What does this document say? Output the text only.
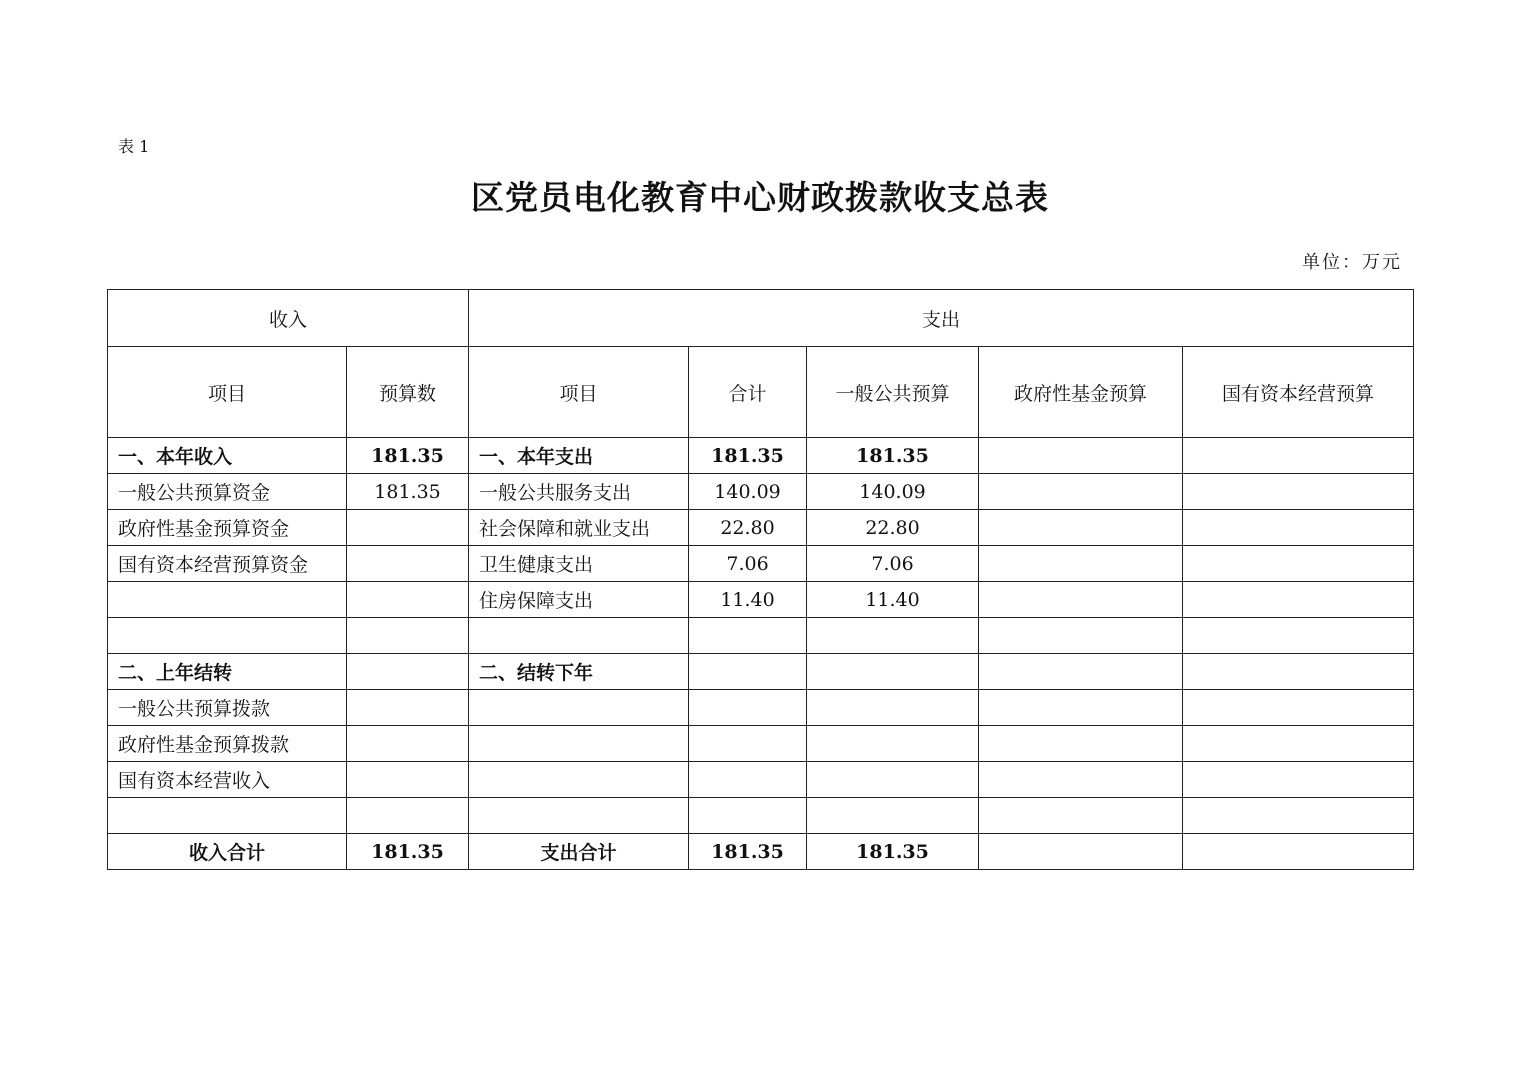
表 1
区党员电化教育中心财政拨款收支总表
单位：万元
收入		支出				
项目	预算数	项目	合计	一般公共预算	政府性基金预算	国有资本经营预算
一、本年收入	181.35	一、本年支出	181.35	181.35		
一般公共预算资金	181.35	一般公共服务支出	140.09	140.09		
政府性基金预算资金		社会保障和就业支出	22.80	22.80		
国有资本经营预算资金		卫生健康支出	7.06	7.06		
		住房保障支出	11.40	11.40		

二、上年结转		二、结转下年				
一般公共预算拨款						
政府性基金预算拨款						
国有资本经营收入						

收入合计	181.35	支出合计	181.35	181.35		
